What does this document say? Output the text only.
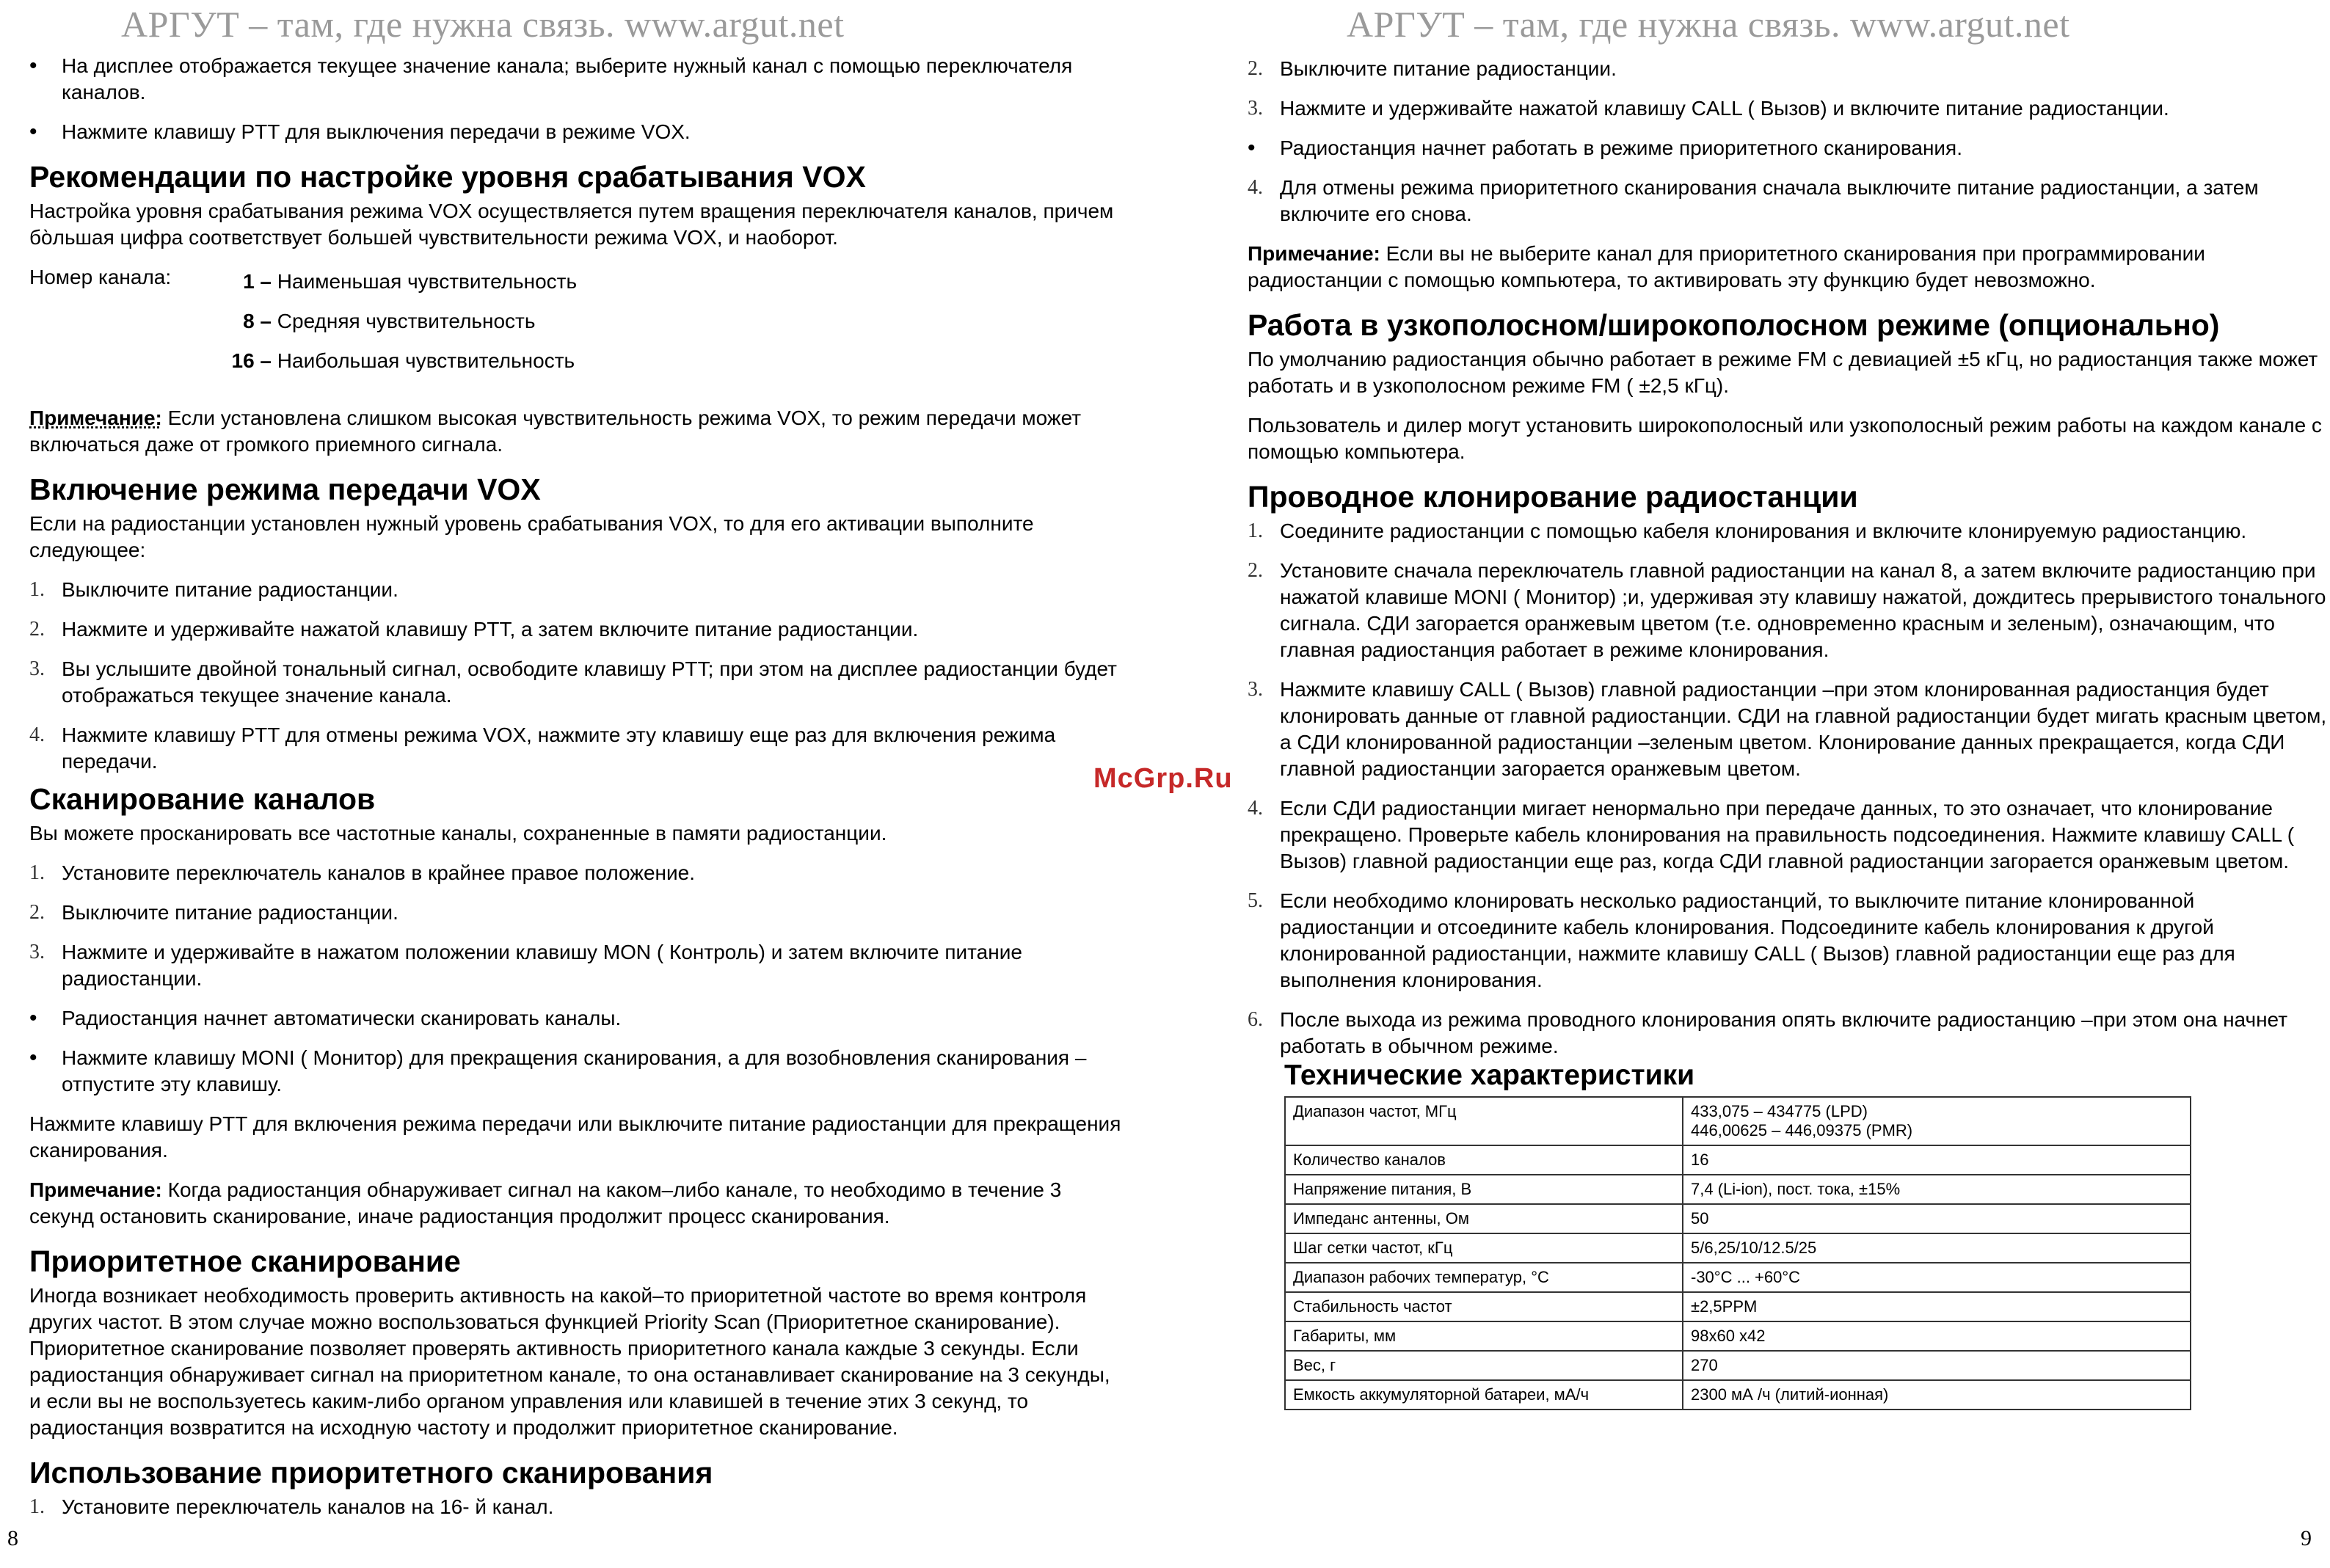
АРГУТ – там, где нужна связь. www.argut.net
• На дисплее отображается текущее значение канала; выберите нужный канал с помощью переключателя каналов.
• Нажмите клавишу PTT для выключения передачи в режиме VOX.
Рекомендации по настройке уровня срабатывания VOX

Настройка уровня срабатывания режима VOX осуществляется путем вращения переключателя каналов, причем бо̀льшая цифра соответствует большей чувствительности режима VOX, и наоборот.

Номер канала:	1 – Наименьшая чувствительность
8 – Средняя чувствительность
16 – Наибольшая чувствительность

Примечание: Если установлена слишком высокая чувствительность режима VOX, то режим передачи может включаться даже от громкого приемного сигнала.

Включение режима передачи VOX

Если на радиостанции установлен нужный уровень срабатывания VOX, то для его активации выполните следующее:

1. Выключите питание радиостанции.
2. Нажмите и удерживайте нажатой клавишу PTT, а затем включите питание радиостанции.
3. Вы услышите двойной тональный сигнал, освободите клавишу PTT; при этом на дисплее радиостанции будет отображаться текущее значение канала.
4. Нажмите клавишу PTT для отмены режима VOX, нажмите эту клавишу еще раз для включения режима передачи.
Сканирование каналов

Вы можете просканировать все частотные каналы, сохраненные в памяти радиостанции.

1. Установите переключатель каналов в крайнее правое положение.
2. Выключите питание радиостанции.
3. Нажмите и удерживайте в нажатом положении клавишу MON ( Контроль) и затем включите питание радиостанции.
• Радиостанция начнет автоматически сканировать каналы.
• Нажмите клавишу MONI ( Монитор) для прекращения сканирования, а для возобновления сканирования –отпустите эту клавишу.

Нажмите клавишу PTT для включения режима передачи или выключите питание радиостанции для прекращения сканирования.

Примечание: Когда радиостанция обнаруживает сигнал на каком–либо канале, то необходимо в течение 3 секунд остановить сканирование, иначе радиостанция продолжит процесс сканирования.

Приоритетное сканирование

Иногда возникает необходимость проверить активность на какой–то приоритетной частоте во время контроля других частот. В этом случае можно воспользоваться функцией Priority Scan (Приоритетное сканирование). Приоритетное сканирование позволяет проверять активность приоритетного канала каждые 3 секунды. Если радиостанция обнаруживает сигнал на приоритетном канале, то она останавливает сканирование на 3 секунды, и если вы не воспользуетесь каким-либо органом управления или клавишей в течение этих 3 секунд, то радиостанция возвратится на исходную частоту и продолжит приоритетное сканирование.

Использование приоритетного сканирования
1. Установите переключатель каналов на 16- й канал.
8
McGrp.Ru
АРГУТ – там, где нужна связь. www.argut.net
2. Выключите питание радиостанции.
3. Нажмите и удерживайте нажатой клавишу CALL ( Вызов) и включите питание радиостанции.
• Радиостанция начнет работать в режиме приоритетного сканирования.
4. Для отмены режима приоритетного сканирования сначала выключите питание радиостанции, а затем включите его снова.

Примечание: Если вы не выберите канал для приоритетного сканирования при программировании радиостанции с помощью компьютера, то активировать эту функцию будет невозможно.

Работа в узкополосном/широкополосном режиме (опционально)

По умолчанию радиостанция обычно работает в режиме FM с девиацией ±5 кГц, но радиостанция также может работать и в узкополосном режиме FM ( ±2,5 кГц).

Пользователь и дилер могут установить широкополосный или узкополосный режим работы на каждом канале с помощью компьютера.

Проводное клонирование радиостанции
1. Соедините радиостанции с помощью кабеля клонирования и включите клонируемую радиостанцию.
2. Установите сначала переключатель главной радиостанции на канал 8, а затем включите радиостанцию при нажатой клавише MONI ( Монитор) ;и, удерживая эту клавишу нажатой, дождитесь прерывистого тонального сигнала. СДИ загорается оранжевым цветом (т.е. одновременно красным и зеленым), означающим, что главная радиостанция работает в режиме клонирования.
3. Нажмите клавишу CALL ( Вызов) главной радиостанции –при этом клонированная радиостанция будет клонировать данные от главной радиостанции. СДИ на главной радиостанции будет мигать красным цветом, а СДИ клонированной радиостанции –зеленым цветом. Клонирование данных прекращается, когда СДИ главной радиостанции загорается оранжевым цветом.
4. Если СДИ радиостанции мигает ненормально при передаче данных, то это означает, что клонирование прекращено. Проверьте кабель клонирования на правильность подсоединения. Нажмите клавишу CALL ( Вызов) главной радиостанции еще раз, когда СДИ главной радиостанции загорается оранжевым цветом.
5. Если необходимо клонировать несколько радиостанций, то выключите питание клонированной радиостанции и отсоедините кабель клонирования. Подсоедините кабель клонирования к другой клонированной радиостанции, нажмите клавишу CALL ( Вызов) главной радиостанции еще раз для выполнения клонирования.
6. После выхода из режима проводного клонирования опять включите радиостанцию –при этом она начнет работать в обычном режиме.
Технические характеристики
Диапазон частот, МГц	433,075 – 434775 (LPD)
446,00625 – 446,09375 (PMR)

Количество каналов	16

Напряжение питания, В	7,4 (Li-ion), пост. тока, ±15%

Импеданс антенны, Ом	50

Шаг сетки частот, кГц	5/6,25/10/12.5/25

Диапазон рабочих температур, °C	-30°C ... +60°C

Стабильность частот	±2,5PPM

Габариты, мм	98x60 x42

Вес, г	270

Емкость аккумуляторной батареи, мА/ч	2300 мА /ч (литий-ионная)
9
